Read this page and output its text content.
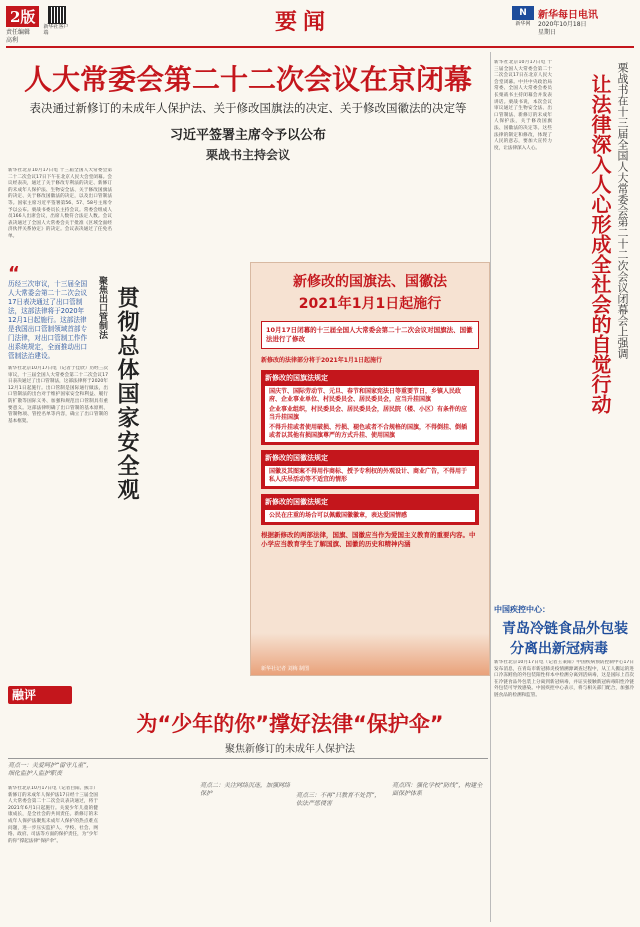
2版
责任编辑
高利
新华社客户端	要闻	N
新华网
新华每日电讯
2020年10月18日
星期日
人大常委会第二十二次会议在京闭幕
表决通过新修订的未成年人保护法、关于修改国旗法的决定、关于修改国徽法的决定等
习近平签署主席令予以公布
栗战书主持会议
新华社北京10月17日电 十三届全国人大常委会第二十二次会议17日下午在北京人民大会堂闭幕。会议经表决，通过了关于修改专利法的决定、新修订的未成年人保护法、生物安全法、关于修改国旗法的决定、关于修改国徽法的决定，以及出口管制法等。国家主席习近平签署第56、57、58号主席令予以公布。栗战书委员长主持会议。常委会组成人员166人出席会议，出席人数符合法定人数。会议表决通过了全国人大常委会关于批准《区域全面经济伙伴关系协定》的决定。会议表决通过了任免名单。
“
历经三次审议，十三届全国人大常委会第二十二次会议17日表决通过了出口管制法，这部法律将于2020年12月1日起施行。这部法律是我国出口管制领域首部专门法律，对出口管制工作作出系统规定，全面推动出口管制法治建设。
聚焦出口管制法 贯彻总体国家安全观
新华社北京10月17日电（记者于佳欣）历经三次审议，十三届全国人大常委会第二十二次会议17日表决通过了出口管制法，这部法律将于2020年12月1日起施行。出口管制是国际通行做法，出口管制法的出台对于维护国家安全和利益、履行防扩散等国际义务、加强和规范出口管制具有重要意义。这部法律明确了出口管制的基本原则、管制物项、管控名单等内容，确立了出口管制的基本框架。
新修改的国旗法、国徽法
2021年1月1日起施行
10月17日闭幕的十三届全国人大常委会第二十二次会议对国旗法、国徽法进行了修改
新修改的法律部分将于2021年1月1日起施行
新修改的国旗法规定
国庆节、国际劳动节、元旦、春节和国家宪法日等重要节日，乡镇人民政府、企业事业单位、村民委员会、居民委员会，应当升挂国旗
企业事业组织，村民委员会、居民委员会，居民院（楼、小区）有条件的应当升挂国旗
不得升挂或者使用破损、污损、褪色或者不合规格的国旗，不得倒挂、倒插或者以其他有损国旗尊严的方式升挂、使用国旗
新修改的国徽法规定
国徽及其图案不得用作商标、授予专利权的外观设计、商业广告，不得用于私人庆吊活动等不适宜的情形
新修改的国徽法规定
公民在庄重的场合可以佩戴国徽徽章，表达爱国情感
根据新修改的两部法律，国旗、国徽应当作为爱国主义教育的重要内容。中小学应当教育学生了解国旗、国徽的历史和精神内涵
新华社记者 刘梅 制图
新华社北京10月17日电 十三届全国人大常委会第二十二次会议17日在北京人民大会堂闭幕。中共中央政治局常委、全国人大常委会委员长栗战书主持闭幕会并发表讲话。栗战书说，本次会议审议通过了生物安全法、出口管制法、新修订的未成年人保护法，关于修改国旗法、国徽法的决定等。这些法律的制定和修改，体现了人民的意志，要加大宣传力度，让法律深入人心。	让法律深入人心形成全社会的自觉行动 栗战书在十三届全国人大常委会第二十二次会议闭幕会上强调
中国疾控中心：
青岛冷链食品外包装
分离出新冠病毒
新华社北京10月17日电（记者王秉阳）中国疾病预防控制中心17日发布消息，在青岛市新冠肺炎疫情溯源调查过程中，从工人搬运的进口冷冻鳕鱼的外包装阳性样本中检测分离到活病毒，这是国际上首次在冷链食品外包装上分离到新冠病毒，并证实接触新冠病毒阳性冷链外包装可导致感染。中国疾控中心表示，将与相关部门配合，加强冷链食品的检测和监管。
融评
为“少年的你”撑好法律“保护伞”
聚焦新修订的未成年人保护法
亮点一：关爱呵护“留守儿童”，细化监护人监护职责
新华社北京10月17日电（记者白阳、熊丰）新修订的未成年人保护法17日经十三届全国人大常委会第二十二次会议表决通过，将于2021年6月1日起施行。关爱少年儿童的健康成长，是全社会的共同责任。新修订的未成年人保护法聚焦未成年人保护的热点难点问题，进一步压实监护人、学校、社会、网络、政府、司法等方面的保护责任，为“少年的你”撑起法律“保护伞”。
亮点二：关注网络沉迷，加强网络保护	亮点三：不再“只教育不处罚”，依法严惩侵害
亮点四：强化学校“防线”，构建全面保护体系
